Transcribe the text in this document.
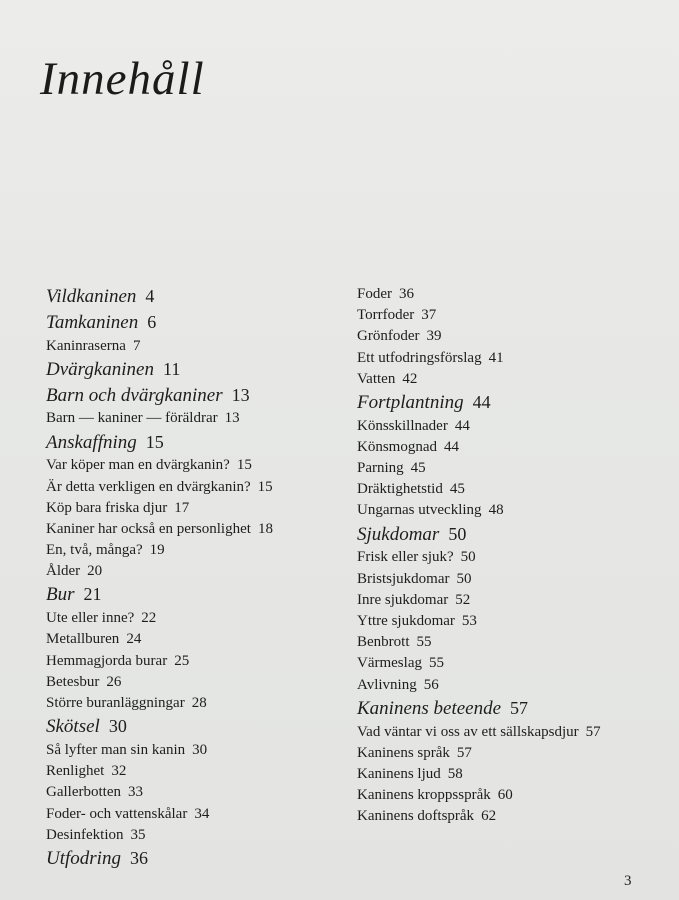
Innehåll
Vildkaninen 4
Tamkaninen 6
Kaninraserna 7
Dvärgkaninen 11
Barn och dvärgkaniner 13
Barn — kaniner — föräldrar 13
Anskaffning 15
Var köper man en dvärgkanin? 15
Är detta verkligen en dvärgkanin? 15
Köp bara friska djur 17
Kaniner har också en personlighet 18
En, två, många? 19
Ålder 20
Bur 21
Ute eller inne? 22
Metallburen 24
Hemmagjorda burar 25
Betesbur 26
Större buranläggningar 28
Skötsel 30
Så lyfter man sin kanin 30
Renlighet 32
Gallerbotten 33
Foder- och vattenskålar 34
Desinfektion 35
Utfodring 36
Foder 36
Torrfoder 37
Grönfoder 39
Ett utfodringsförslag 41
Vatten 42
Fortplantning 44
Könsskillnader 44
Könsmognad 44
Parning 45
Dräktighetstid 45
Ungarnas utveckling 48
Sjukdomar 50
Frisk eller sjuk? 50
Bristsjukdomar 50
Inre sjukdomar 52
Yttre sjukdomar 53
Benbrott 55
Värmeslag 55
Avlivning 56
Kaninens beteende 57
Vad väntar vi oss av ett sällskapsdjur 57
Kaninens språk 57
Kaninens ljud 58
Kaninens kroppsspråk 60
Kaninens doftspråk 62
3
